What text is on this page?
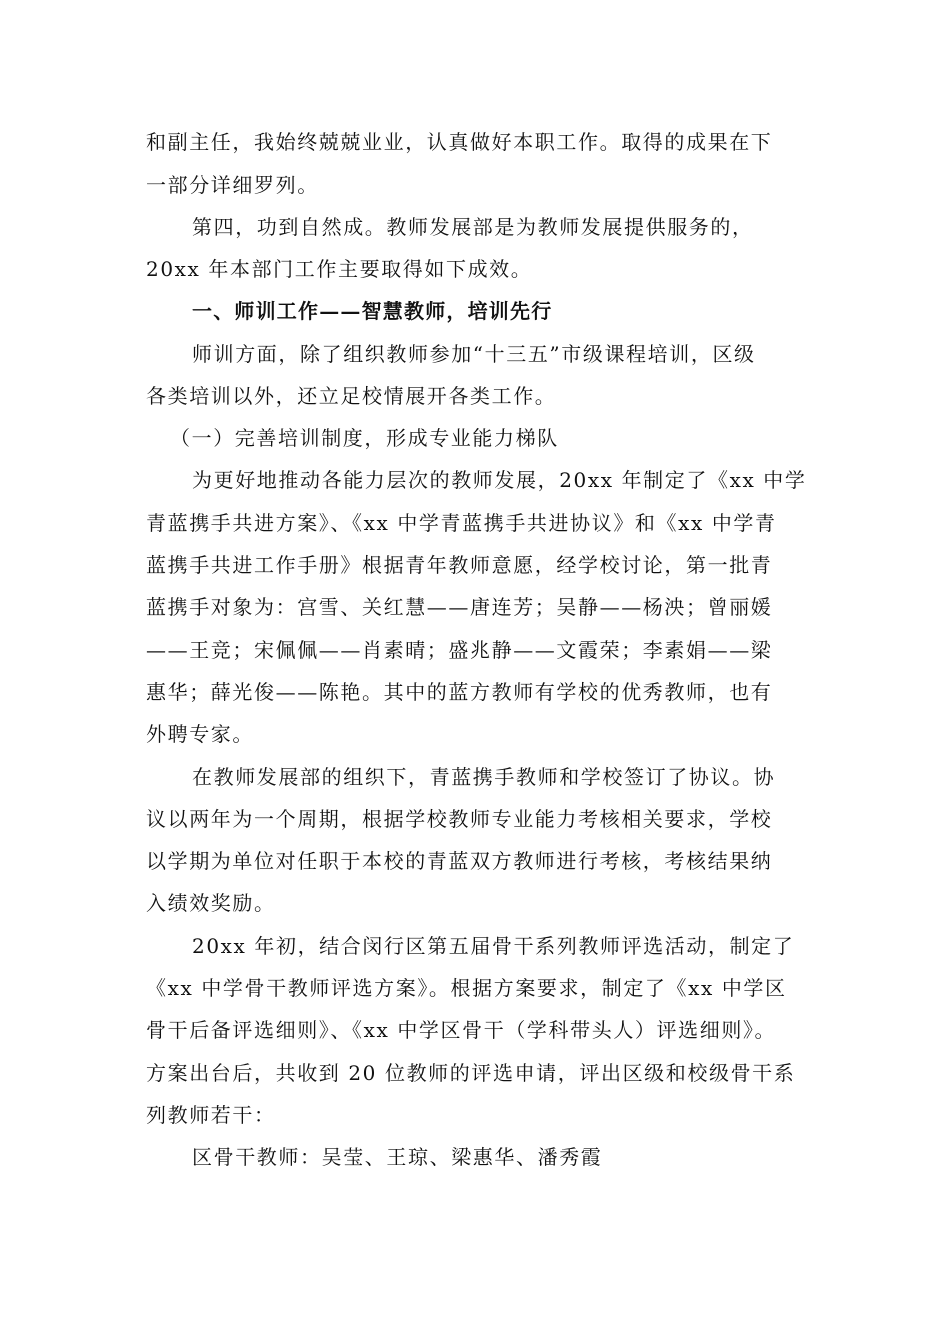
和副主任，我始终兢兢业业，认真做好本职工作。取得的成果在下
一部分详细罗列。
第四，功到自然成。教师发展部是为教师发展提供服务的，
20xx 年本部门工作主要取得如下成效。
一、师训工作——智慧教师，培训先行
师训方面，除了组织教师参加“十三五”市级课程培训，区级
各类培训以外，还立足校情展开各类工作。
（一）完善培训制度，形成专业能力梯队
为更好地推动各能力层次的教师发展，20xx 年制定了《xx 中学
青蓝携手共进方案》、《xx 中学青蓝携手共进协议》和《xx 中学青
蓝携手共进工作手册》根据青年教师意愿，经学校讨论，第一批青
蓝携手对象为：宫雪、关红慧——唐连芳；吴静——杨泱；曾丽媛
——王竞；宋佩佩——肖素晴；盛兆静——文霞荣；李素娟——梁
惠华；薛光俊——陈艳。其中的蓝方教师有学校的优秀教师，也有
外聘专家。
在教师发展部的组织下，青蓝携手教师和学校签订了协议。协
议以两年为一个周期，根据学校教师专业能力考核相关要求，学校
以学期为单位对任职于本校的青蓝双方教师进行考核，考核结果纳
入绩效奖励。
20xx 年初，结合闵行区第五届骨干系列教师评选活动，制定了
《xx 中学骨干教师评选方案》。根据方案要求，制定了《xx 中学区
骨干后备评选细则》、《xx 中学区骨干（学科带头人）评选细则》。
方案出台后，共收到 20 位教师的评选申请，评出区级和校级骨干系
列教师若干：
区骨干教师：吴莹、王琼、梁惠华、潘秀霞
